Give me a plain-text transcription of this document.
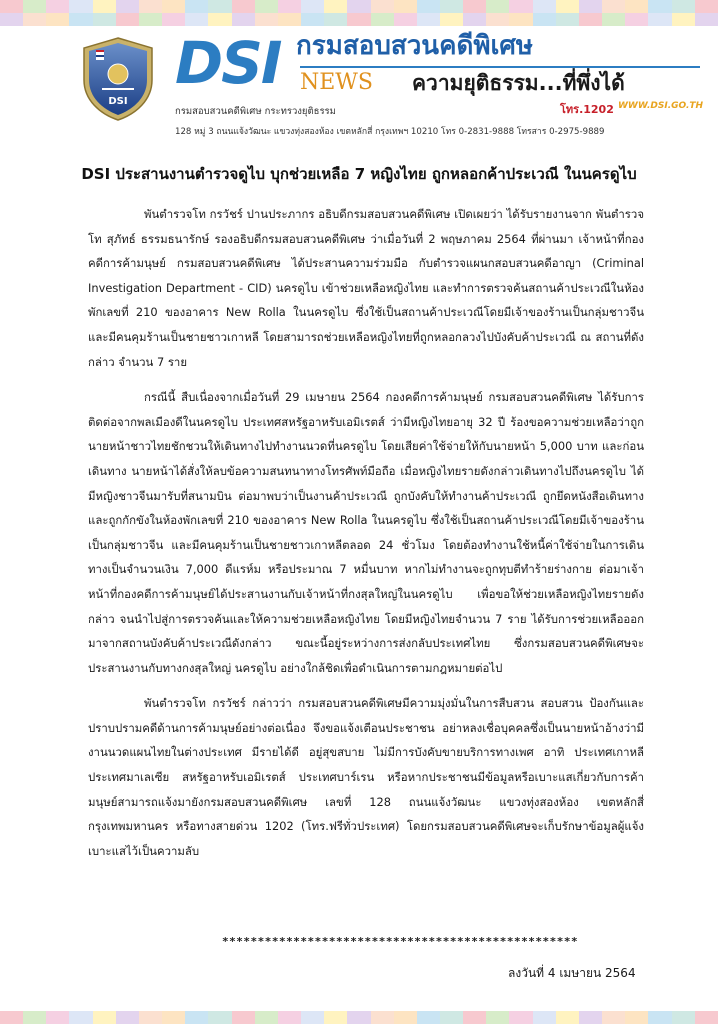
DSI
DSI กรมสอบสวนคดีพิเศษ
NEWS ความยุติธรรม...ที่พึ่งได้
โทร.1202 WWW.DSI.GO.TH
กรมสอบสวนคดีพิเศษ กระทรวงยุติธรรม
128 หมู่ 3 ถนนแจ้งวัฒนะ แขวงทุ่งสองห้อง เขตหลักสี่ กรุงเทพฯ 10210 โทร 0-2831-9888 โทรสาร 0-2975-9889
DSI ประสานงานตำรวจดูไบ บุกช่วยเหลือ 7 หญิงไทย ถูกหลอกค้าประเวณี ในนครดูไบ

พันตำรวจโท กรวัชร์ ปานประภากร อธิบดีกรมสอบสวนคดีพิเศษ เปิดเผยว่า ได้รับรายงานจาก พันตำรวจโท สุภัทธ์ ธรรมธนารักษ์ รองอธิบดีกรมสอบสวนคดีพิเศษ ว่าเมื่อวันที่ 2 พฤษภาคม 2564 ที่ผ่านมา เจ้าหน้าที่กองคดีการค้ามนุษย์ กรมสอบสวนคดีพิเศษ ได้ประสานความร่วมมือ กับตำรวจแผนกสอบสวนคดีอาญา (Criminal Investigation Department - CID) นครดูไบ เข้าช่วยเหลือหญิงไทย และทำการตรวจค้นสถานค้าประเวณีในห้องพักเลขที่ 210 ของอาคาร New Rolla ในนครดูไบ ซึ่งใช้เป็นสถานค้าประเวณีโดยมีเจ้าของร้านเป็นกลุ่มชาวจีน และมีคนคุมร้านเป็นชายชาวเกาหลี โดยสามารถช่วยเหลือหญิงไทยที่ถูกหลอกลวงไปบังคับค้าประเวณี ณ สถานที่ดังกล่าว จำนวน 7 ราย

กรณีนี้ สืบเนื่องจากเมื่อวันที่ 29 เมษายน 2564 กองคดีการค้ามนุษย์ กรมสอบสวนคดีพิเศษ ได้รับการติดต่อจากพลเมืองดีในนครดูไบ ประเทศสหรัฐอาหรับเอมิเรตส์ ว่ามีหญิงไทยอายุ 32 ปี ร้องขอความช่วยเหลือว่าถูกนายหน้าชาวไทยชักชวนให้เดินทางไปทำงานนวดที่นครดูไบ โดยเสียค่าใช้จ่ายให้กับนายหน้า 5,000 บาท และก่อนเดินทาง นายหน้าได้สั่งให้ลบข้อความสนทนาทางโทรศัพท์มือถือ เมื่อหญิงไทยรายดังกล่าวเดินทางไปถึงนครดูไบ ได้มีหญิงชาวจีนมารับที่สนามบิน ต่อมาพบว่าเป็นงานค้าประเวณี ถูกบังคับให้ทำงานค้าประเวณี ถูกยึดหนังสือเดินทาง และถูกกักขังในห้องพักเลขที่ 210 ของอาคาร New Rolla ในนครดูไบ ซึ่งใช้เป็นสถานค้าประเวณีโดยมีเจ้าของร้านเป็นกลุ่มชาวจีน และมีคนคุมร้านเป็นชายชาวเกาหลีตลอด 24 ชั่วโมง โดยต้องทำงานใช้หนี้ค่าใช้จ่ายในการเดินทางเป็นจำนวนเงิน 7,000 ดีแรห์ม หรือประมาณ 7 หมื่นบาท หากไม่ทำงานจะถูกทุบตีทำร้ายร่างกาย ต่อมาเจ้าหน้าที่กองคดีการค้ามนุษย์ได้ประสานงานกับเจ้าหน้าที่กงสุลใหญ่ในนครดูไบ เพื่อขอให้ช่วยเหลือหญิงไทยรายดังกล่าว จนนำไปสู่การตรวจค้นและให้ความช่วยเหลือหญิงไทย โดยมีหญิงไทยจำนวน 7 ราย ได้รับการช่วยเหลือออกมาจากสถานบังคับค้าประเวณีดังกล่าว ขณะนี้อยู่ระหว่างการส่งกลับประเทศไทย ซึ่งกรมสอบสวนคดีพิเศษจะประสานงานกับทางกงสุลใหญ่ นครดูไบ อย่างใกล้ชิดเพื่อดำเนินการตามกฎหมายต่อไป

พันตำรวจโท กรวัชร์ กล่าวว่า กรมสอบสวนคดีพิเศษมีความมุ่งมั่นในการสืบสวน สอบสวน ป้องกันและปราบปรามคดีด้านการค้ามนุษย์อย่างต่อเนื่อง จึงขอแจ้งเตือนประชาชน อย่าหลงเชื่อบุคคลซึ่งเป็นนายหน้าอ้างว่ามีงานนวดแผนไทยในต่างประเทศ มีรายได้ดี อยู่สุขสบาย ไม่มีการบังคับขายบริการทางเพศ อาทิ ประเทศเกาหลี ประเทศมาเลเซีย สหรัฐอาหรับเอมิเรตส์ ประเทศบาร์เรน หรือหากประชาชนมีข้อมูลหรือเบาะแสเกี่ยวกับการค้ามนุษย์สามารถแจ้งมายังกรมสอบสวนคดีพิเศษ เลขที่ 128 ถนนแจ้งวัฒนะ แขวงทุ่งสองห้อง เขตหลักสี่ กรุงเทพมหานคร หรือทางสายด่วน 1202 (โทร.ฟรีทั่วประเทศ) โดยกรมสอบสวนคดีพิเศษจะเก็บรักษาข้อมูลผู้แจ้งเบาะแสไว้เป็นความลับ

**************************************************
ลงวันที่ 4 เมษายน 2564
